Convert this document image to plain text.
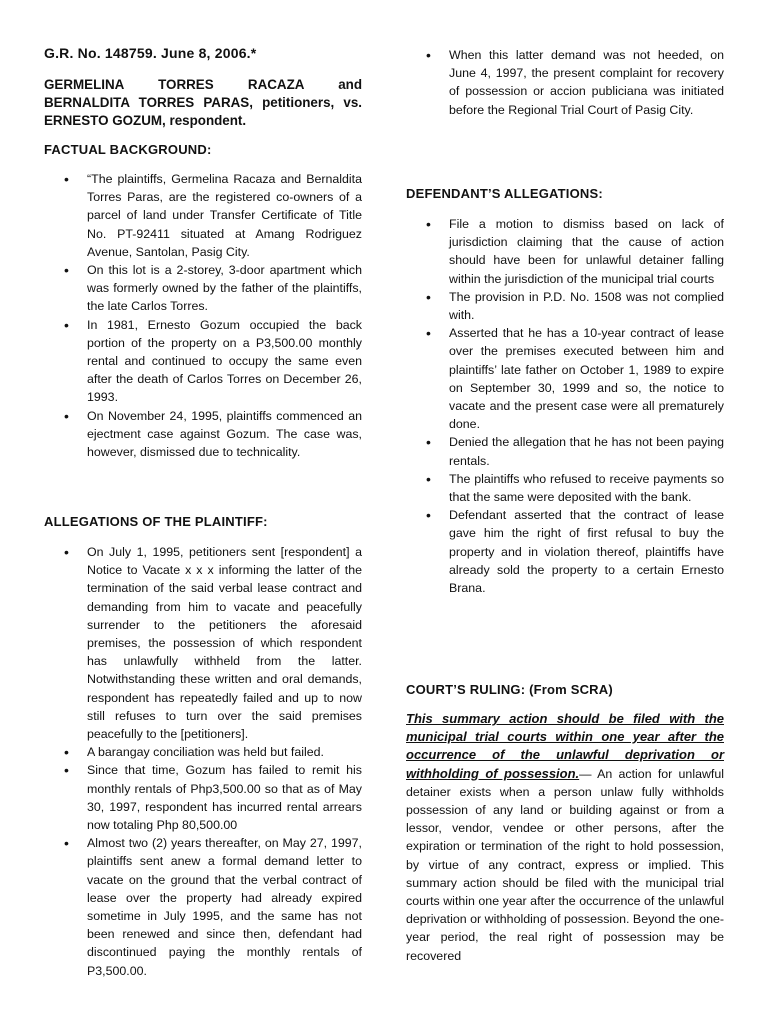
G.R. No. 148759. June 8, 2006.*
GERMELINA TORRES RACAZA and
BERNALDITA TORRES PARAS, petitioners, vs.
ERNESTO GOZUM, respondent.
FACTUAL BACKGROUND:
• “The plaintiffs, Germelina Racaza and Bernaldita Torres Paras, are the registered co-owners of a parcel of land under Transfer Certificate of Title No. PT-92411 situated at Amang Rodriguez Avenue, Santolan, Pasig City.
• On this lot is a 2-storey, 3-door apartment which was formerly owned by the father of the plaintiffs, the late Carlos Torres.
• In 1981, Ernesto Gozum occupied the back portion of the property on a P3,500.00 monthly rental and continued to occupy the same even after the death of Carlos Torres on December 26, 1993.
• On November 24, 1995, plaintiffs commenced an ejectment case against Gozum. The case was, however, dismissed due to technicality.
ALLEGATIONS OF THE PLAINTIFF:
• On July 1, 1995, petitioners sent [respondent] a Notice to Vacate x x x informing the latter of the termination of the said verbal lease contract and demanding from him to vacate and peacefully surrender to the petitioners the aforesaid premises, the possession of which respondent has unlawfully withheld from the latter. Notwithstanding these written and oral demands, respondent has repeatedly failed and up to now still refuses to turn over the said premises peacefully to the [petitioners].
• A barangay conciliation was held but failed.
• Since that time, Gozum has failed to remit his monthly rentals of Php3,500.00 so that as of May 30, 1997, respondent has incurred rental arrears now totaling Php 80,500.00
• Almost two (2) years thereafter, on May 27, 1997, plaintiffs sent anew a formal demand letter to vacate on the ground that the verbal contract of lease over the property had already expired sometime in July 1995, and the same has not been renewed and since then, defendant had discontinued paying the monthly rentals of P3,500.00.
• When this latter demand was not heeded, on June 4, 1997, the present complaint for recovery of possession or accion publiciana was initiated before the Regional Trial Court of Pasig City.
DEFENDANT’S ALLEGATIONS:
• File a motion to dismiss based on lack of jurisdiction claiming that the cause of action should have been for unlawful detainer falling within the jurisdiction of the municipal trial courts
• The provision in P.D. No. 1508 was not complied with.
• Asserted that he has a 10-year contract of lease over the premises executed between him and plaintiffs’ late father on October 1, 1989 to expire on September 30, 1999 and so, the notice to vacate and the present case were all prematurely done.
• Denied the allegation that he has not been paying rentals.
• The plaintiffs who refused to receive payments so that the same were deposited with the bank.
• Defendant asserted that the contract of lease gave him the right of first refusal to buy the property and in violation thereof, plaintiffs have already sold the property to a certain Ernesto Brana.
COURT’S RULING: (From SCRA)
This summary action should be filed with the municipal trial courts within one year after the occurrence of the unlawful deprivation or withholding of possession.— An action for unlawful detainer exists when a person unlaw fully withholds possession of any land or building against or from a lessor, vendor, vendee or other persons, after the expiration or termination of the right to hold possession, by virtue of any contract, express or implied. This summary action should be filed with the municipal trial courts within one year after the occurrence of the unlawful deprivation or withholding of possession. Beyond the one-year period, the real right of possession may be recovered
